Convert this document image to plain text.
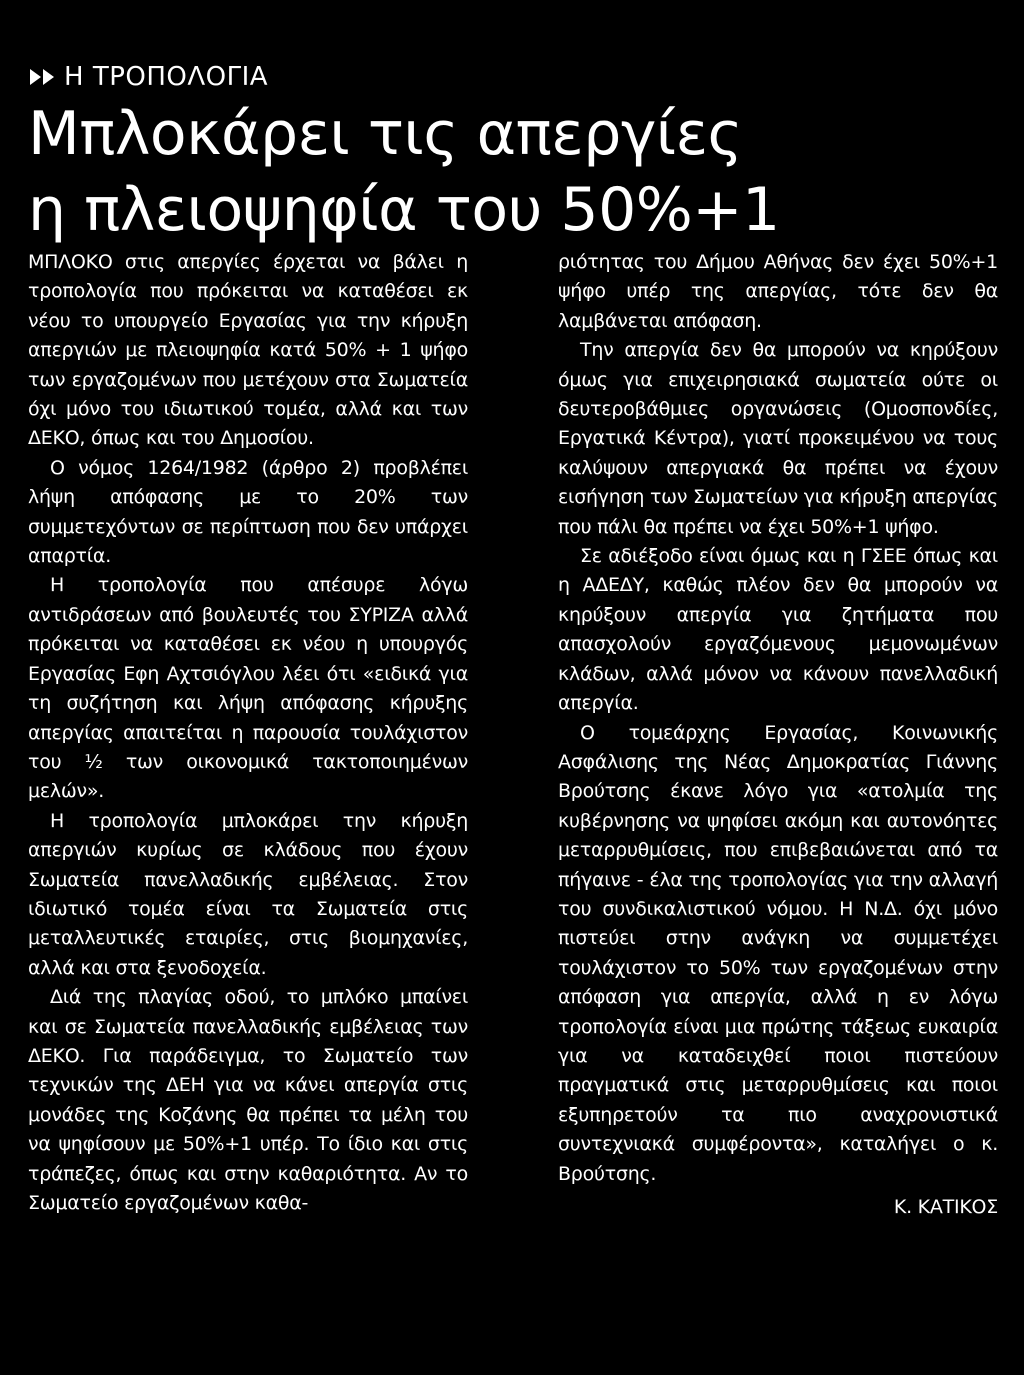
Η ΤΡΟΠΟΛΟΓΙΑ
Μπλοκάρει τις απεργίες
η πλειοψηφία του 50%+1

ΜΠΛΟΚΟ στις απεργίες έρχεται να βάλει η τροπολογία που πρόκειται να καταθέσει εκ νέου το υπουργείο Εργασίας για την κήρυξη απεργιών με πλειοψηφία κατά 50% + 1 ψήφο των εργαζομένων που μετέχουν στα Σωματεία όχι μόνο του ιδιωτικού τομέα, αλλά και των ΔΕΚΟ, όπως και του Δημοσίου.

Ο νόμος 1264/1982 (άρθρο 2) προβλέπει λήψη απόφασης με το 20% των συμμετεχόντων σε περίπτωση που δεν υπάρχει απαρτία.

Η τροπολογία που απέσυρε λόγω αντιδράσεων από βουλευτές του ΣΥΡΙΖΑ αλλά πρόκειται να καταθέσει εκ νέου η υπουργός Εργασίας Εφη Αχτσιόγλου λέει ότι «ειδικά για τη συζήτηση και λήψη απόφασης κήρυξης απεργίας απαιτείται η παρουσία τουλάχιστον του ½ των οικονομικά τακτοποιημένων μελών».

Η τροπολογία μπλοκάρει την κήρυξη απεργιών κυρίως σε κλάδους που έχουν Σωματεία πανελλαδικής εμβέλειας. Στον ιδιωτικό τομέα είναι τα Σωματεία στις μεταλλευτικές εταιρίες, στις βιομηχανίες, αλλά και στα ξενοδοχεία.

Διά της πλαγίας οδού, το μπλόκο μπαίνει και σε Σωματεία πανελλαδικής εμβέλειας των ΔΕΚΟ. Για παράδειγμα, το Σωματείο των τεχνικών της ΔΕΗ για να κάνει απεργία στις μονάδες της Κοζάνης θα πρέπει τα μέλη του να ψηφίσουν με 50%+1 υπέρ. Το ίδιο και στις τράπεζες, όπως και στην καθαριότητα. Αν το Σωματείο εργαζομένων καθα-

ριότητας του Δήμου Αθήνας δεν έχει 50%+1 ψήφο υπέρ της απεργίας, τότε δεν θα λαμβάνεται απόφαση.

Την απεργία δεν θα μπορούν να κηρύξουν όμως για επιχειρησιακά σωματεία ούτε οι δευτεροβάθμιες οργανώσεις (Ομοσπονδίες, Εργατικά Κέντρα), γιατί προκειμένου να τους καλύψουν απεργιακά θα πρέπει να έχουν εισήγηση των Σωματείων για κήρυξη απεργίας που πάλι θα πρέπει να έχει 50%+1 ψήφο.

Σε αδιέξοδο είναι όμως και η ΓΣΕΕ όπως και η ΑΔΕΔΥ, καθώς πλέον δεν θα μπορούν να κηρύξουν απεργία για ζητήματα που απασχολούν εργαζόμενους μεμονωμένων κλάδων, αλλά μόνον να κάνουν πανελλαδική απεργία.

Ο τομεάρχης Εργασίας, Κοινωνικής Ασφάλισης της Νέας Δημοκρατίας Γιάννης Βρούτσης έκανε λόγο για «ατολμία της κυβέρνησης να ψηφίσει ακόμη και αυτονόητες μεταρρυθμίσεις, που επιβεβαιώνεται από τα πήγαινε - έλα της τροπολογίας για την αλλαγή του συνδικαλιστικού νόμου. Η Ν.Δ. όχι μόνο πιστεύει στην ανάγκη να συμμετέχει τουλάχιστον το 50% των εργαζομένων στην απόφαση για απεργία, αλλά η εν λόγω τροπολογία είναι μια πρώτης τάξεως ευκαιρία για να καταδειχθεί ποιοι πιστεύουν πραγματικά στις μεταρρυθμίσεις και ποιοι εξυπηρετούν τα πιο αναχρονιστικά συντεχνιακά συμφέροντα», καταλήγει ο κ. Βρούτσης.

Κ. ΚΑΤΙΚΟΣ
